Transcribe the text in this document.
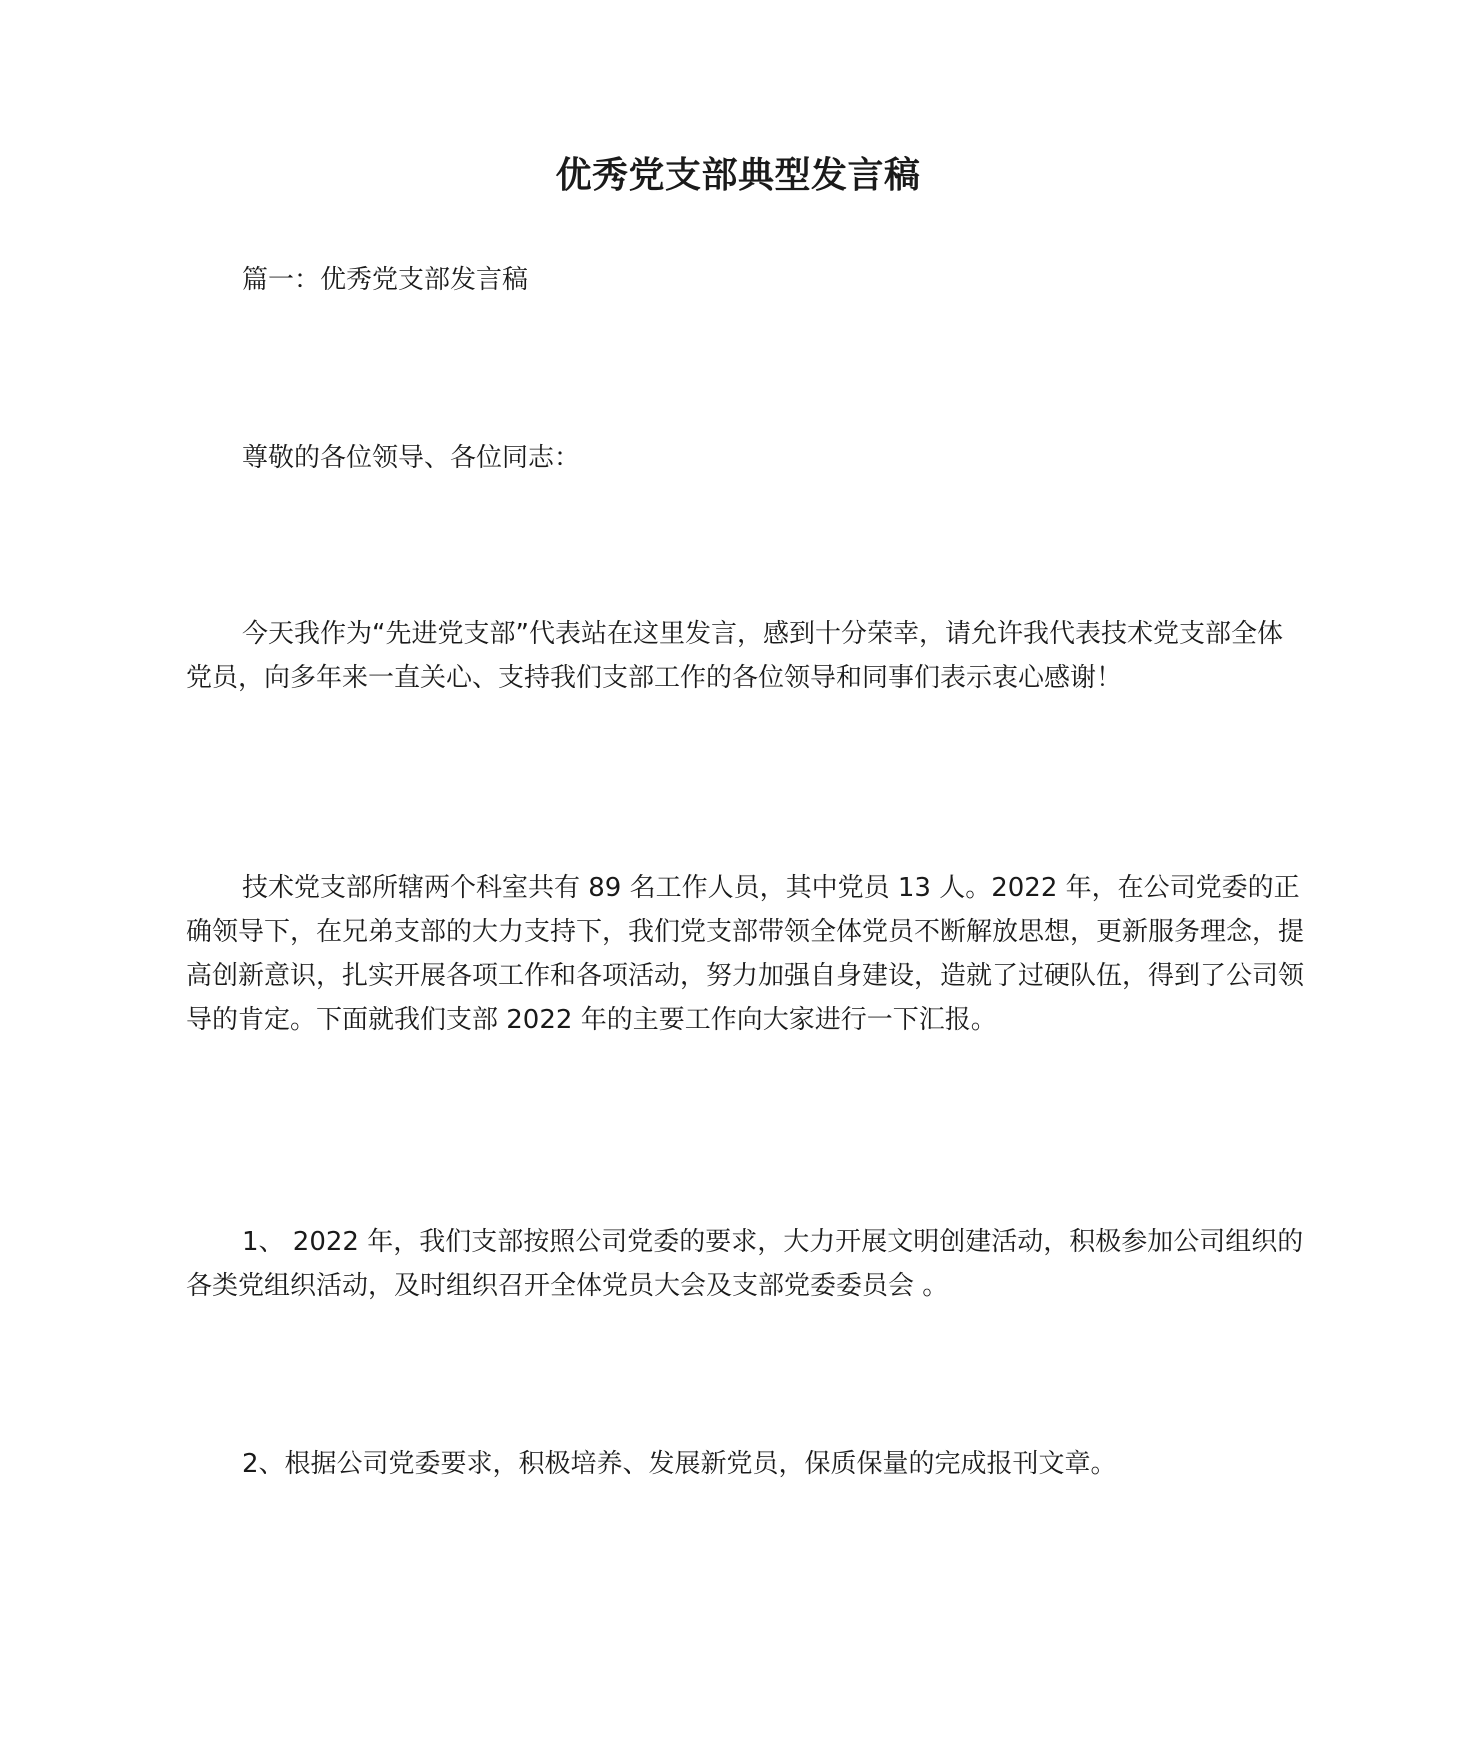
优秀党支部典型发言稿

篇一：优秀党支部发言稿

尊敬的各位领导、各位同志：

今天我作为“先进党支部”代表站在这里发言，感到十分荣幸，请允许我代表技术党支部全体党员，向多年来一直关心、支持我们支部工作的各位领导和同事们表示衷心感谢！

技术党支部所辖两个科室共有 89 名工作人员，其中党员 13 人。2022 年，在公司党委的正确领导下，在兄弟支部的大力支持下，我们党支部带领全体党员不断解放思想，更新服务理念，提高创新意识，扎实开展各项工作和各项活动，努力加强自身建设，造就了过硬队伍，得到了公司领导的肯定。下面就我们支部 2022 年的主要工作向大家进行一下汇报。

1、 2022 年，我们支部按照公司党委的要求，大力开展文明创建活动，积极参加公司组织的各类党组织活动，及时组织召开全体党员大会及支部党委委员会 。

2、根据公司党委要求，积极培养、发展新党员，保质保量的完成报刊文章。
